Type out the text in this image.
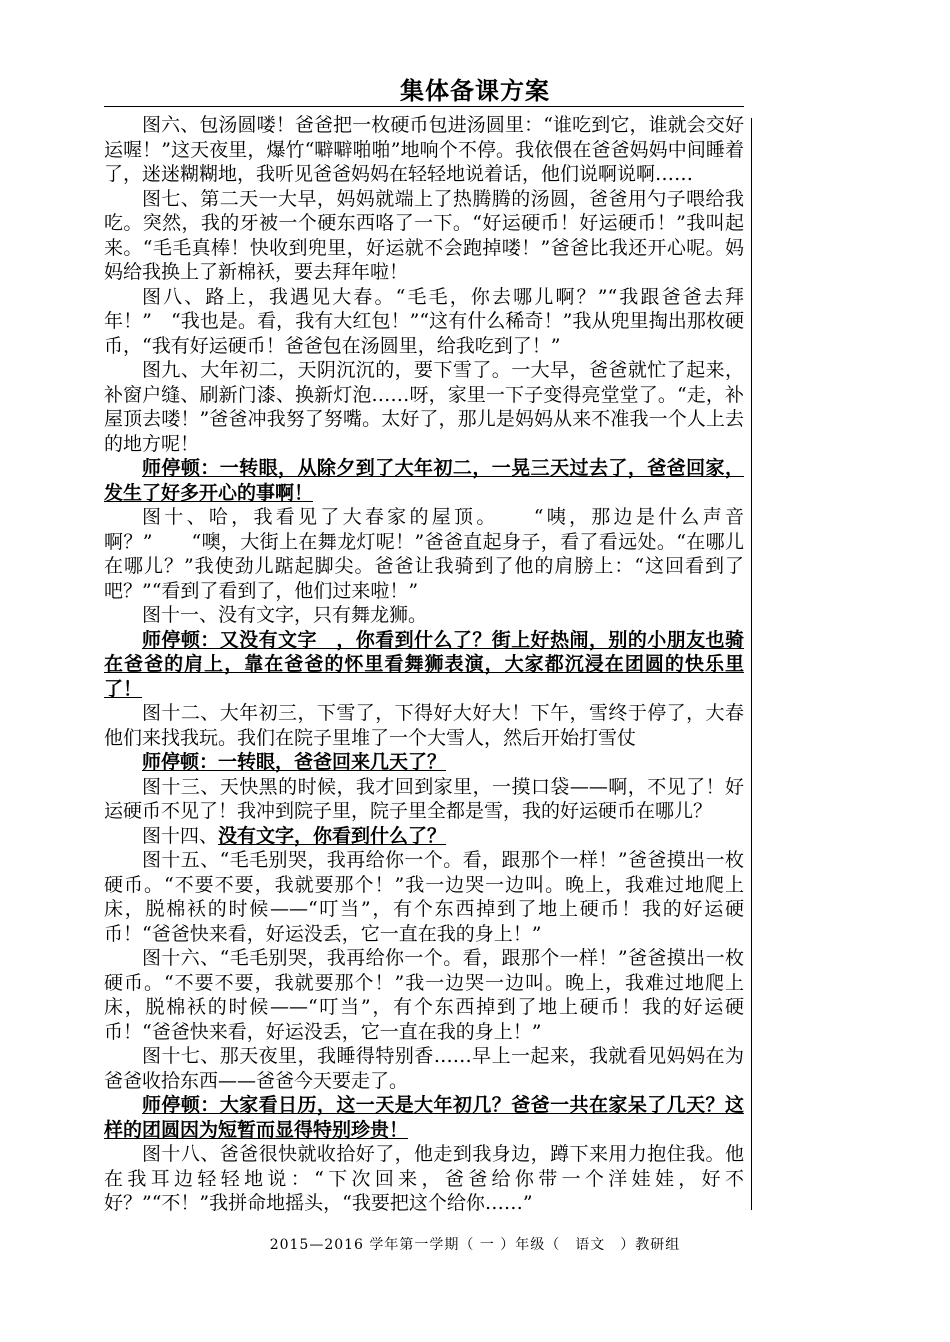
集体备课方案

图六、包汤圆喽！爸爸把一枚硬币包进汤圆里：“谁吃到它，谁就会交好运喔！”这天夜里，爆竹“噼噼啪啪”地响个不停。我依偎在爸爸妈妈中间睡着了，迷迷糊糊地，我听见爸爸妈妈在轻轻地说着话，他们说啊说啊……

图七、第二天一大早，妈妈就端上了热腾腾的汤圆，爸爸用勺子喂给我吃。突然，我的牙被一个硬东西咯了一下。“好运硬币！好运硬币！”我叫起来。“毛毛真棒！快收到兜里，好运就不会跑掉喽！”爸爸比我还开心呢。妈妈给我换上了新棉袄，要去拜年啦！

图八、路上，我遇见大春。“毛毛，你去哪儿啊？”“我跟爸爸去拜年！”　“我也是。看，我有大红包！”“这有什么稀奇！”我从兜里掏出那枚硬币，“我有好运硬币！爸爸包在汤圆里，给我吃到了！”

图九、大年初二，天阴沉沉的，要下雪了。一大早，爸爸就忙了起来，补窗户缝、刷新门漆、换新灯泡……呀，家里一下子变得亮堂堂了。“走，补屋顶去喽！”爸爸冲我努了努嘴。太好了，那儿是妈妈从来不准我一个人上去的地方呢！

师停顿：一转眼，从除夕到了大年初二，一晃三天过去了，爸爸回家，发生了好多开心的事啊！

图十、哈，我看见了大春家的屋顶。　　“咦，那边是什么声音啊？”　　“噢，大街上在舞龙灯呢！”爸爸直起身子，看了看远处。“在哪儿在哪儿？”我使劲儿踮起脚尖。爸爸让我骑到了他的肩膀上：“这回看到了吧？”“看到了看到了，他们过来啦！”

图十一、没有文字，只有舞龙狮。

师停顿：又没有文字　，你看到什么了？街上好热闹，别的小朋友也骑在爸爸的肩上，靠在爸爸的怀里看舞狮表演，大家都沉浸在团圆的快乐里了！

图十二、大年初三，下雪了，下得好大好大！下午，雪终于停了，大春他们来找我玩。我们在院子里堆了一个大雪人，然后开始打雪仗

师停顿：一转眼，爸爸回来几天了？

图十三、天快黑的时候，我才回到家里，一摸口袋——啊，不见了！好运硬币不见了！我冲到院子里，院子里全都是雪，我的好运硬币在哪儿？

图十四、没有文字，你看到什么了？

图十五、“毛毛别哭，我再给你一个。看，跟那个一样！”爸爸摸出一枚硬币。“不要不要，我就要那个！”我一边哭一边叫。晚上，我难过地爬上床，脱棉袄的时候——“叮当”，有个东西掉到了地上硬币！我的好运硬币！“爸爸快来看，好运没丢，它一直在我的身上！”

图十六、“毛毛别哭，我再给你一个。看，跟那个一样！”爸爸摸出一枚硬币。“不要不要，我就要那个！”我一边哭一边叫。晚上，我难过地爬上床，脱棉袄的时候——“叮当”，有个东西掉到了地上硬币！我的好运硬币！“爸爸快来看，好运没丢，它一直在我的身上！”

图十七、那天夜里，我睡得特别香……早上一起来，我就看见妈妈在为爸爸收拾东西——爸爸今天要走了。

师停顿：大家看日历，这一天是大年初几？爸爸一共在家呆了几天？这样的团圆因为短暂而显得特别珍贵！

图十八、爸爸很快就收拾好了，他走到我身边，蹲下来用力抱住我。他在我耳边轻轻地说：“下次回来，爸爸给你带一个洋娃娃，好不好？”“不！”我拼命地摇头，“我要把这个给你……”

2015—2016 学年第一学期（ 一 ）年级（　语文　）教研组
